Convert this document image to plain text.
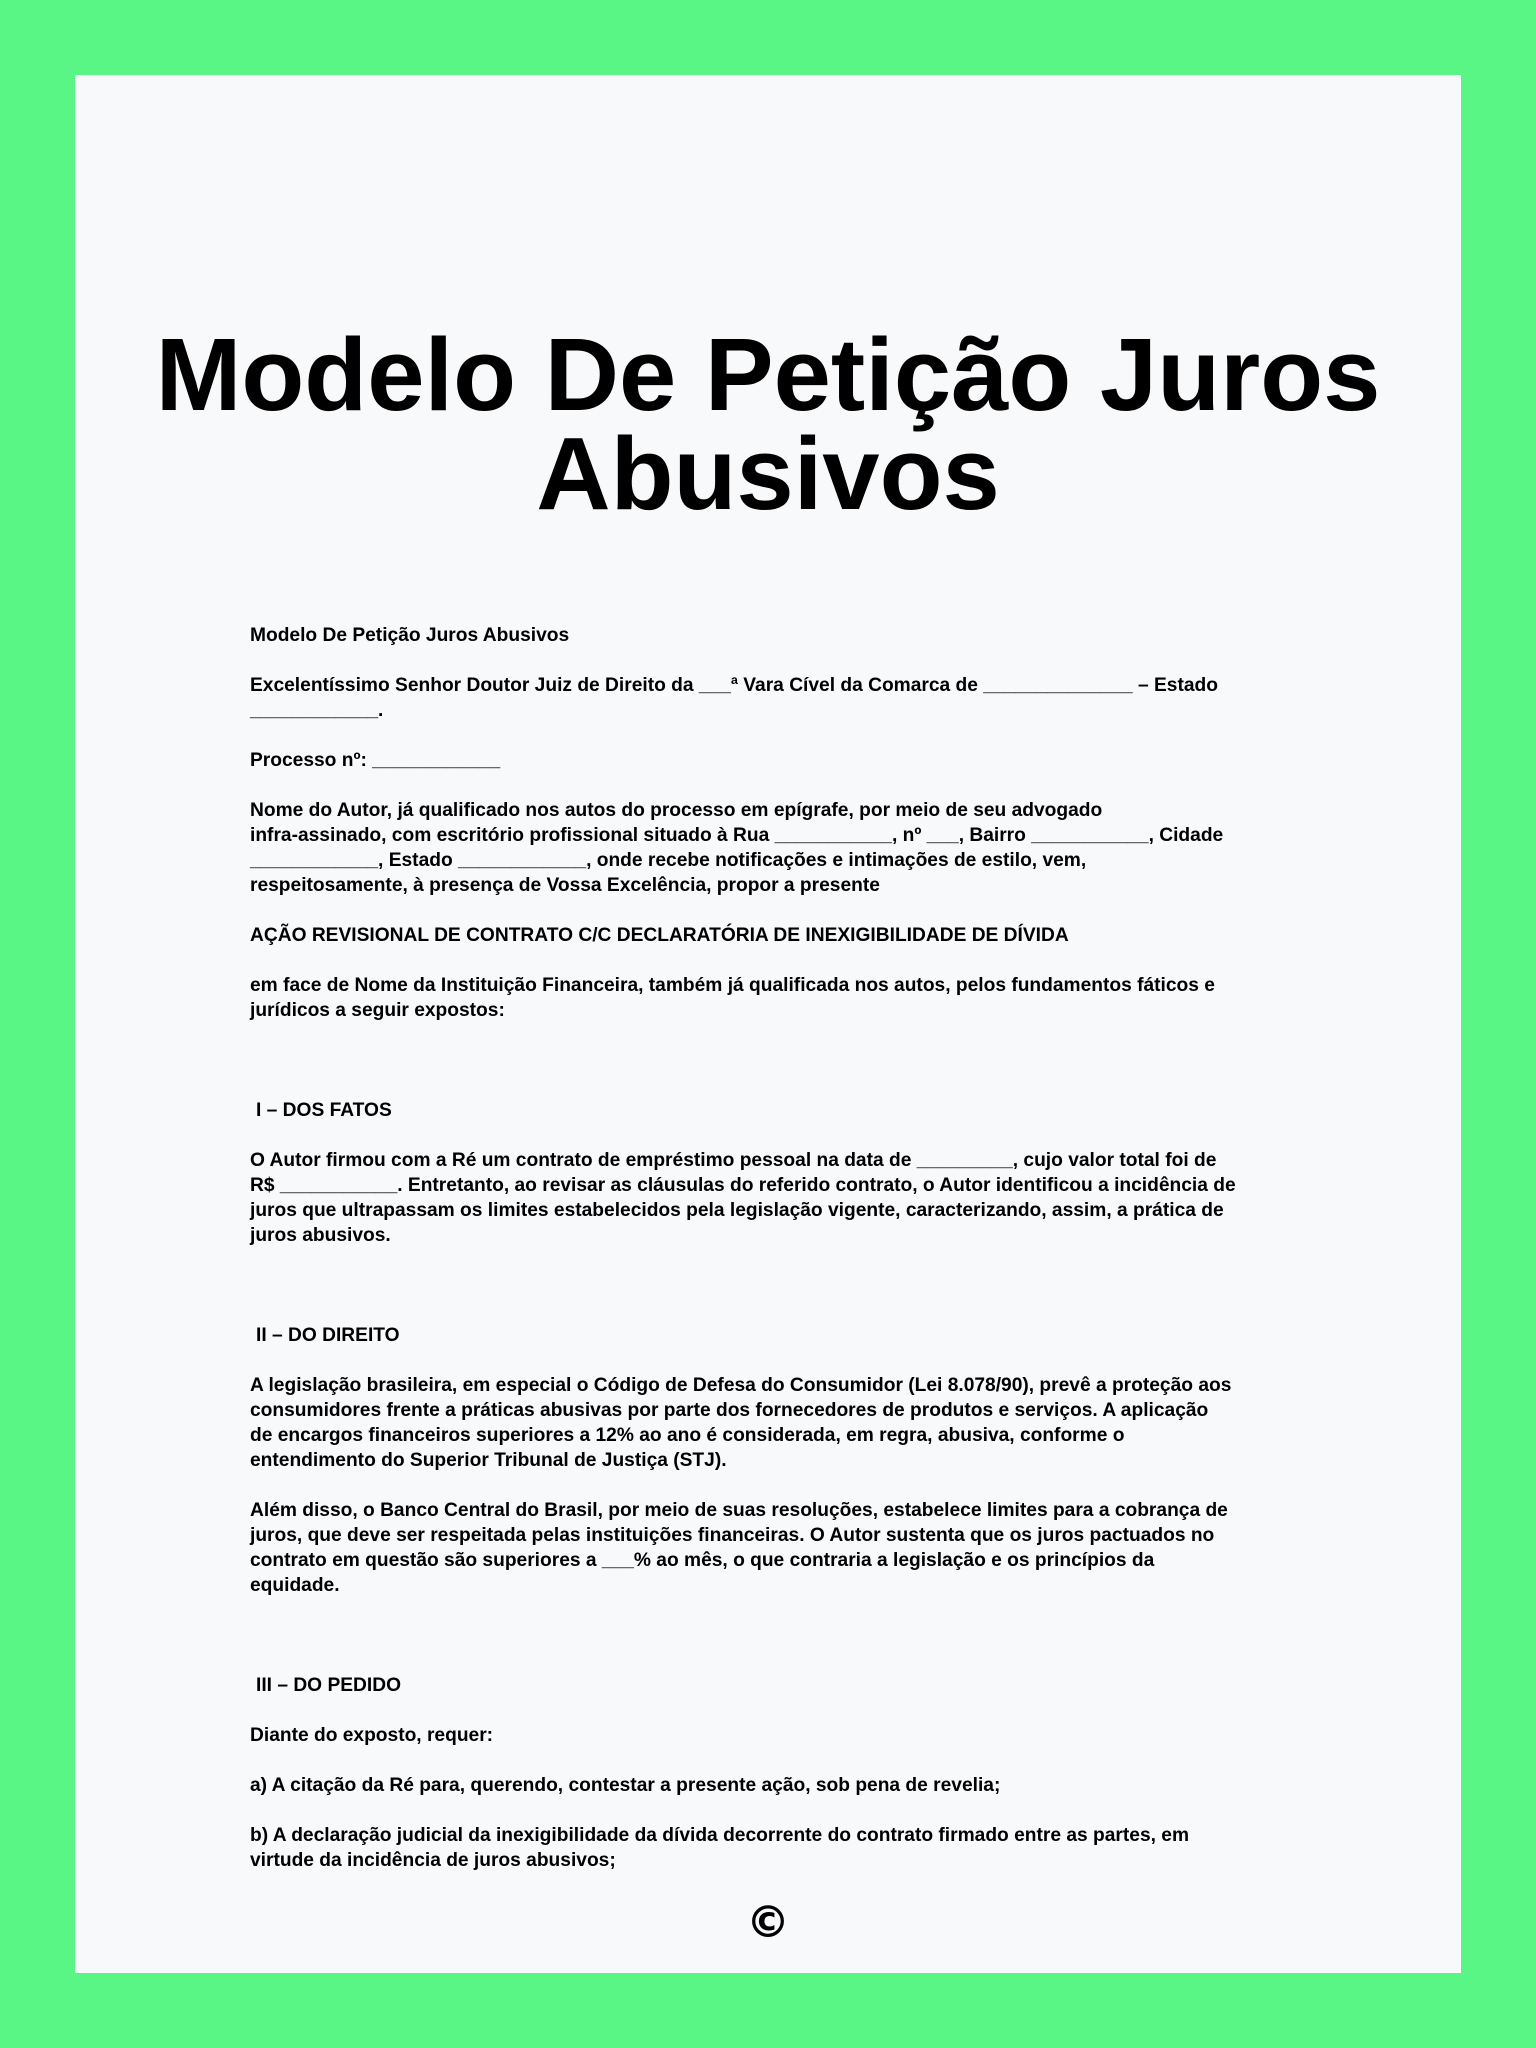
Modelo De Petição Juros Abusivos

Modelo De Petição Juros Abusivos

Excelentíssimo Senhor Doutor Juiz de Direito da ___ª Vara Cível da Comarca de ______________ – Estado
____________.

Processo nº: ____________

Nome do Autor, já qualificado nos autos do processo em epígrafe, por meio de seu advogado
infra-assinado, com escritório profissional situado à Rua ___________, nº ___, Bairro ___________, Cidade
____________, Estado ____________, onde recebe notificações e intimações de estilo, vem,
respeitosamente, à presença de Vossa Excelência, propor a presente

AÇÃO REVISIONAL DE CONTRATO C/C DECLARATÓRIA DE INEXIGIBILIDADE DE DÍVIDA

em face de Nome da Instituição Financeira, também já qualificada nos autos, pelos fundamentos fáticos e
jurídicos a seguir expostos:

I – DOS FATOS

O Autor firmou com a Ré um contrato de empréstimo pessoal na data de _________, cujo valor total foi de
R$ ___________. Entretanto, ao revisar as cláusulas do referido contrato, o Autor identificou a incidência de
juros que ultrapassam os limites estabelecidos pela legislação vigente, caracterizando, assim, a prática de
juros abusivos.

II – DO DIREITO

A legislação brasileira, em especial o Código de Defesa do Consumidor (Lei 8.078/90), prevê a proteção aos
consumidores frente a práticas abusivas por parte dos fornecedores de produtos e serviços. A aplicação
de encargos financeiros superiores a 12% ao ano é considerada, em regra, abusiva, conforme o
entendimento do Superior Tribunal de Justiça (STJ).

Além disso, o Banco Central do Brasil, por meio de suas resoluções, estabelece limites para a cobrança de
juros, que deve ser respeitada pelas instituições financeiras. O Autor sustenta que os juros pactuados no
contrato em questão são superiores a ___% ao mês, o que contraria a legislação e os princípios da
equidade.

III – DO PEDIDO

Diante do exposto, requer:

a) A citação da Ré para, querendo, contestar a presente ação, sob pena de revelia;

b) A declaração judicial da inexigibilidade da dívida decorrente do contrato firmado entre as partes, em
virtude da incidência de juros abusivos;

©
